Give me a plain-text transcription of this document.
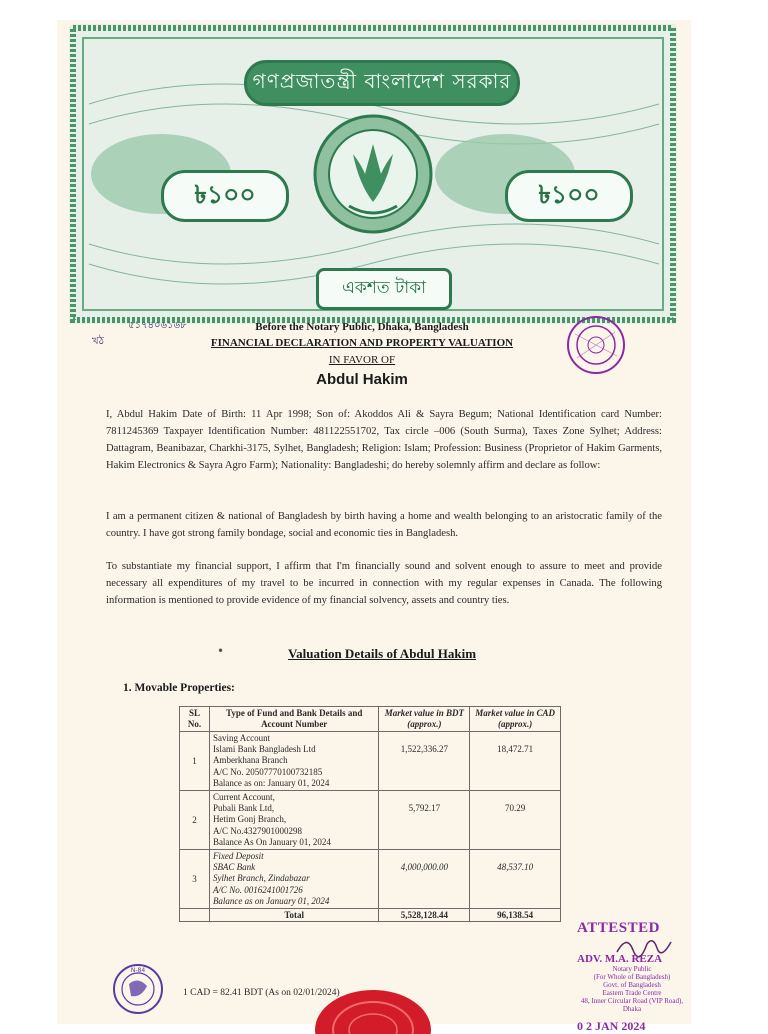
গণপ্রজাতন্ত্রী বাংলাদেশ সরকার
৳১০০	৳১০০
একশত টাকা
৫১৭৪০৬১৬৮
খঠ
Before the Notary Public, Dhaka, Bangladesh
FINANCIAL DECLARATION AND PROPERTY VALUATION
IN FAVOR OF
Abdul Hakim

I, Abdul Hakim Date of Birth: 11 Apr 1998; Son of: Akoddos Ali & Sayra Begum; National Identification card Number: 7811245369 Taxpayer Identification Number: 481122551702, Tax circle –006 (South Surma), Taxes Zone Sylhet; Address: Dattagram, Beanibazar, Charkhi-3175, Sylhet, Bangladesh; Religion: Islam; Profession: Business (Proprietor of Hakim Garments, Hakim Electronics & Sayra Agro Farm); Nationality: Bangladeshi; do hereby solemnly affirm and declare as follow:

I am a permanent citizen & national of Bangladesh by birth having a home and wealth belonging to an aristocratic family of the country. I have got strong family bondage, social and economic ties in Bangladesh.

To substantiate my financial support, I affirm that I'm financially sound and solvent enough to assure to meet and provide necessary all expenditures of my travel to be incurred in connection with my regular expenses in Canada. The following information is mentioned to provide evidence of my financial solvency, assets and country ties.

•	Valuation Details of Abdul Hakim
1. Movable Properties:
SL No.	Type of Fund and Bank Details and Account Number	Market value in BDT (approx.)	Market value in CAD (approx.)
1	Saving Account
Islami Bank Bangladesh Ltd
Amberkhana Branch
A/C No. 20507770100732185
Balance as on: January 01, 2024	1,522,336.27	18,472.71
2	Current Account,
Pubali Bank Ltd,
Hetim Gonj Branch,
A/C No.4327901000298
Balance As On January 01, 2024	5,792.17	70.29
3	Fixed Deposit
SBAC Bank
Sylhet Branch, Zindabazar
A/C No. 0016241001726
Balance as on January 01, 2024	4,000,000.00	48,537.10
	Total	5,528,128.44	96,138.54
1 CAD = 82.41 BDT (As on 02/01/2024)
N-84
ATTESTED
ADV. M.A. REZA
Notary Public
(For Whole of Bangladesh)
Govt. of Bangladesh
Eastern Trade Centre
48, Inner Circular Road (VIP Road), Dhaka
0 2 JAN 2024
